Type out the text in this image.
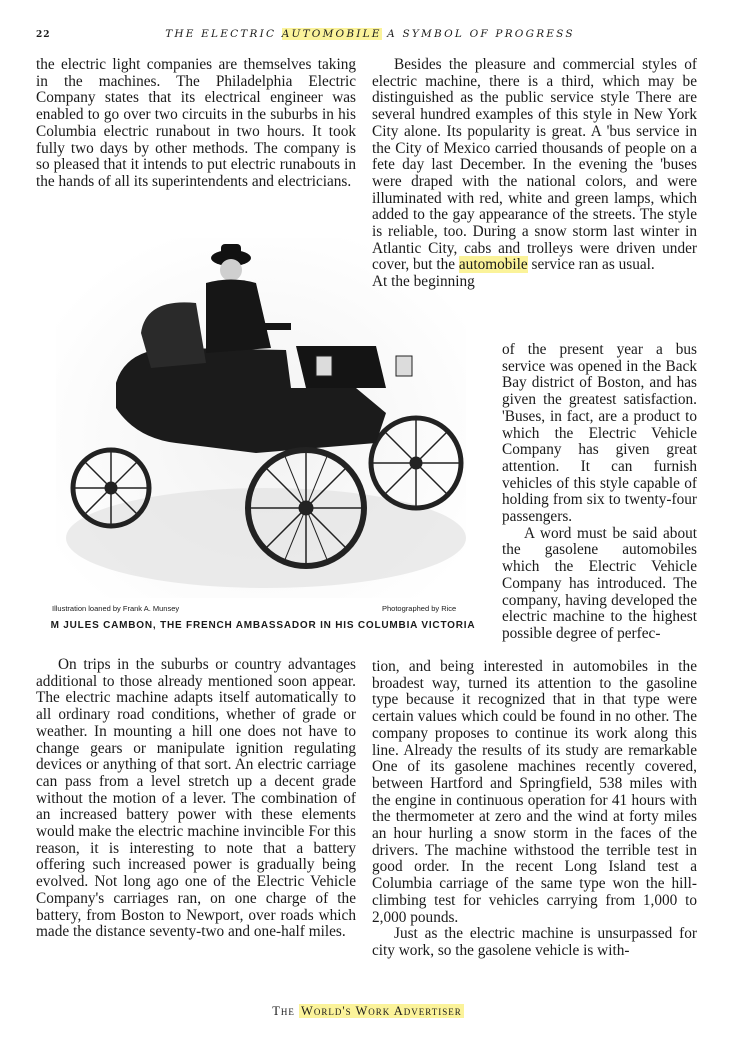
22	THE ELECTRIC AUTOMOBILE A SYMBOL OF PROGRESS

the electric light companies are themselves taking in the machines. The Philadelphia Electric Company states that its electrical engineer was enabled to go over two circuits in the suburbs in his Columbia electric runabout in two hours. It took fully two days by other methods. The company is so pleased that it intends to put electric runabouts in the hands of all its superintendents and electricians.

Illustration loaned by Frank A. Munsey	Photographed by Rice
M JULES CAMBON, THE FRENCH AMBASSADOR IN HIS COLUMBIA VICTORIA

On trips in the suburbs or country advantages additional to those already mentioned soon appear. The electric machine adapts itself automatically to all ordinary road conditions, whether of grade or weather. In mounting a hill one does not have to change gears or manipulate ignition regulating devices or anything of that sort. An electric carriage can pass from a level stretch up a decent grade without the motion of a lever. The combination of an increased battery power with these elements would make the electric machine invincible For this reason, it is interesting to note that a battery offering such increased power is gradually being evolved. Not long ago one of the Electric Vehicle Company's carriages ran, on one charge of the battery, from Boston to Newport, over roads which made the distance seventy-two and one-half miles.

Besides the pleasure and commercial styles of electric machine, there is a third, which may be distinguished as the public service style There are several hundred examples of this style in New York City alone. Its popularity is great. A 'bus service in the City of Mexico carried thousands of people on a fete day last December. In the evening the 'buses were draped with the national colors, and were illuminated with red, white and green lamps, which added to the gay appearance of the streets. The style is reliable, too. During a snow storm last winter in Atlantic City, cabs and trolleys were driven under cover, but the automobile service ran as usual.

At the beginning

of the present year a bus service was opened in the Back Bay district of Boston, and has given the greatest satisfaction. 'Buses, in fact, are a product to which the Electric Vehicle Company has given great attention. It can furnish vehicles of this style capable of holding from six to twenty-four passengers.

A word must be said about the gasolene automobiles which the Electric Vehicle Company has introduced. The company, having developed the electric machine to the highest possible degree of perfec-

tion, and being interested in automobiles in the broadest way, turned its attention to the gasoline type because it recognized that in that type were certain values which could be found in no other. The company proposes to continue its work along this line. Already the results of its study are remarkable One of its gasolene machines recently covered, between Hartford and Springfield, 538 miles with the engine in continuous operation for 41 hours with the thermometer at zero and the wind at forty miles an hour hurling a snow storm in the faces of the drivers. The machine withstood the terrible test in good order. In the recent Long Island test a Columbia carriage of the same type won the hill-climbing test for vehicles carrying from 1,000 to 2,000 pounds.

Just as the electric machine is unsurpassed for city work, so the gasolene vehicle is with-

The World's Work Advertiser
